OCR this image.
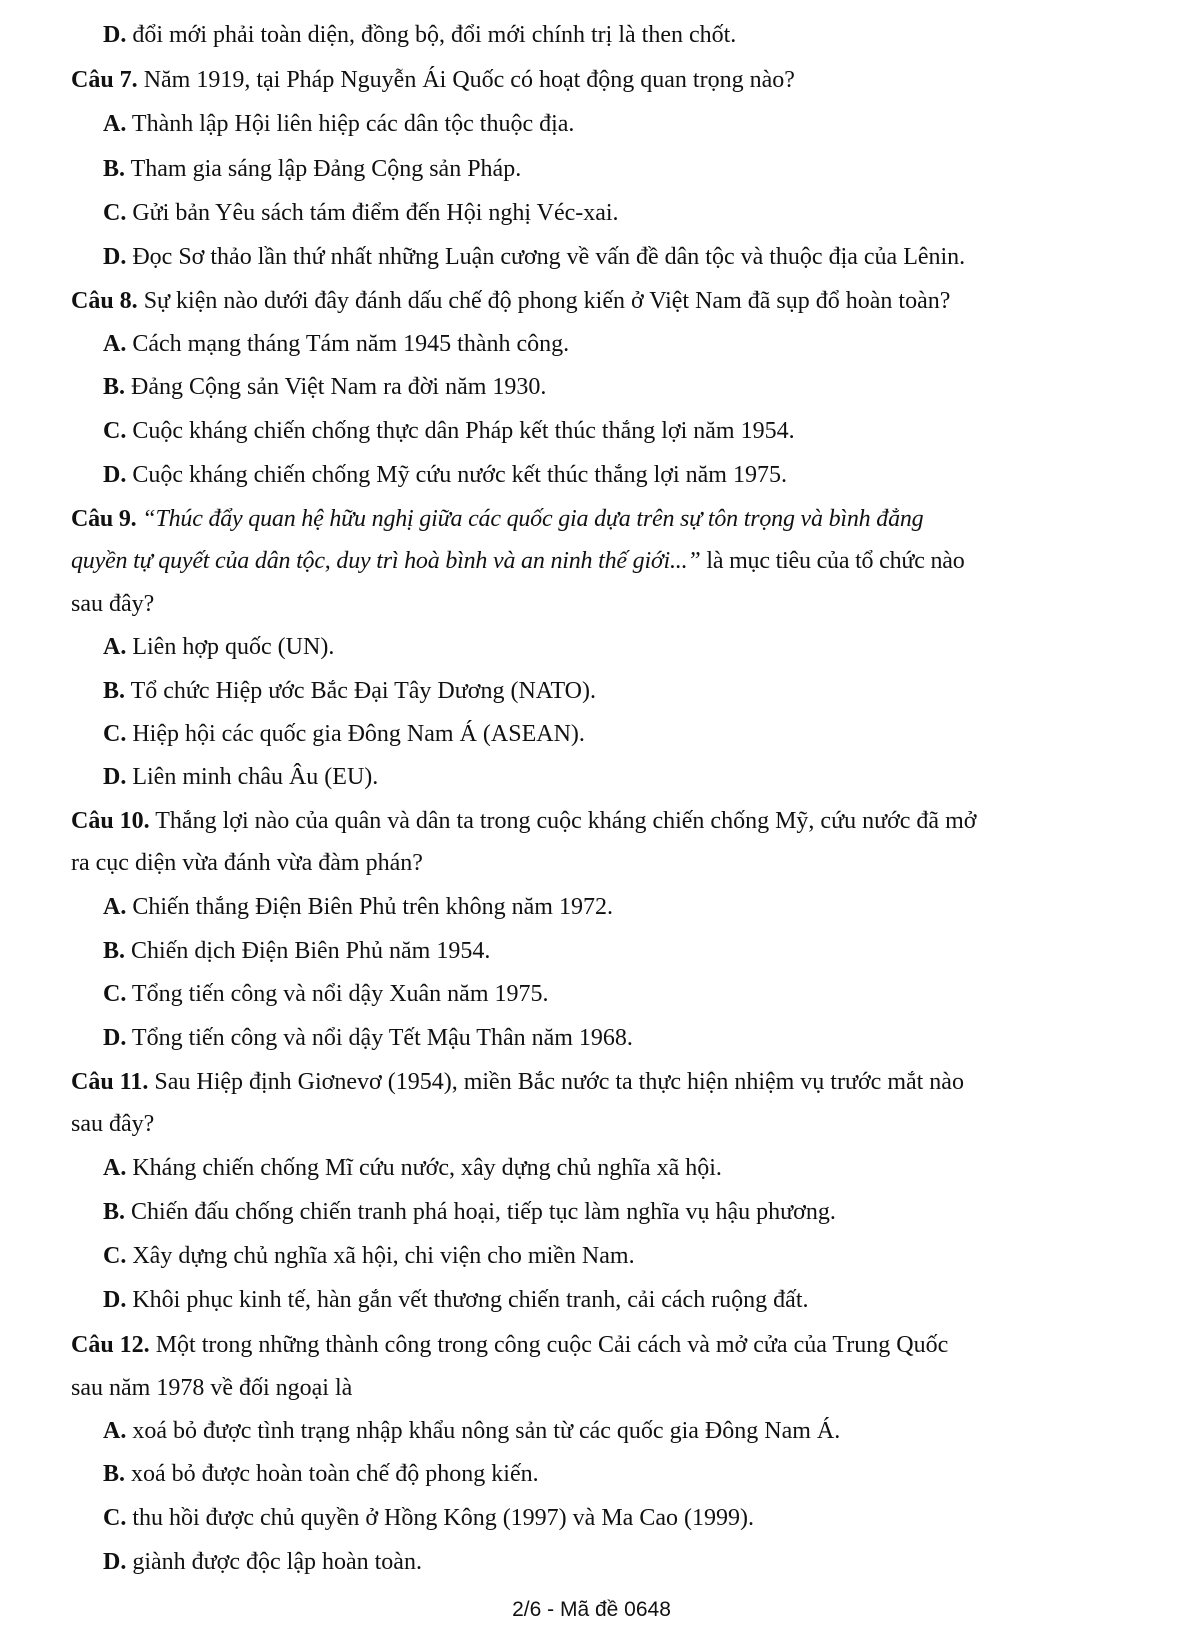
D. đổi mới phải toàn diện, đồng bộ, đổi mới chính trị là then chốt.
Câu 7. Năm 1919, tại Pháp Nguyễn Ái Quốc có hoạt động quan trọng nào?
A. Thành lập Hội liên hiệp các dân tộc thuộc địa.
B. Tham gia sáng lập Đảng Cộng sản Pháp.
C. Gửi bản Yêu sách tám điểm đến Hội nghị Véc-xai.
D. Đọc Sơ thảo lần thứ nhất những Luận cương về vấn đề dân tộc và thuộc địa của Lênin.
Câu 8. Sự kiện nào dưới đây đánh dấu chế độ phong kiến ở Việt Nam đã sụp đổ hoàn toàn?
A. Cách mạng tháng Tám năm 1945 thành công.
B. Đảng Cộng sản Việt Nam ra đời năm 1930.
C. Cuộc kháng chiến chống thực dân Pháp kết thúc thắng lợi năm 1954.
D. Cuộc kháng chiến chống Mỹ cứu nước kết thúc thắng lợi năm 1975.
Câu 9. “Thúc đẩy quan hệ hữu nghị giữa các quốc gia dựa trên sự tôn trọng và bình đẳng
quyền tự quyết của dân tộc, duy trì hoà bình và an ninh thế giới...” là mục tiêu của tổ chức nào
sau đây?
A. Liên hợp quốc (UN).
B. Tổ chức Hiệp ước Bắc Đại Tây Dương (NATO).
C. Hiệp hội các quốc gia Đông Nam Á (ASEAN).
D. Liên minh châu Âu (EU).
Câu 10. Thắng lợi nào của quân và dân ta trong cuộc kháng chiến chống Mỹ, cứu nước đã mở
ra cục diện vừa đánh vừa đàm phán?
A. Chiến thắng Điện Biên Phủ trên không năm 1972.
B. Chiến dịch Điện Biên Phủ năm 1954.
C. Tổng tiến công và nổi dậy Xuân năm 1975.
D. Tổng tiến công và nổi dậy Tết Mậu Thân năm 1968.
Câu 11. Sau Hiệp định Giơnevơ (1954), miền Bắc nước ta thực hiện nhiệm vụ trước mắt nào
sau đây?
A. Kháng chiến chống Mĩ cứu nước, xây dựng chủ nghĩa xã hội.
B. Chiến đấu chống chiến tranh phá hoại, tiếp tục làm nghĩa vụ hậu phương.
C. Xây dựng chủ nghĩa xã hội, chi viện cho miền Nam.
D. Khôi phục kinh tế, hàn gắn vết thương chiến tranh, cải cách ruộng đất.
Câu 12. Một trong những thành công trong công cuộc Cải cách và mở cửa của Trung Quốc
sau năm 1978 về đối ngoại là
A. xoá bỏ được tình trạng nhập khẩu nông sản từ các quốc gia Đông Nam Á.
B. xoá bỏ được hoàn toàn chế độ phong kiến.
C. thu hồi được chủ quyền ở Hồng Kông (1997) và Ma Cao (1999).
D. giành được độc lập hoàn toàn.
2/6 - Mã đề 0648
